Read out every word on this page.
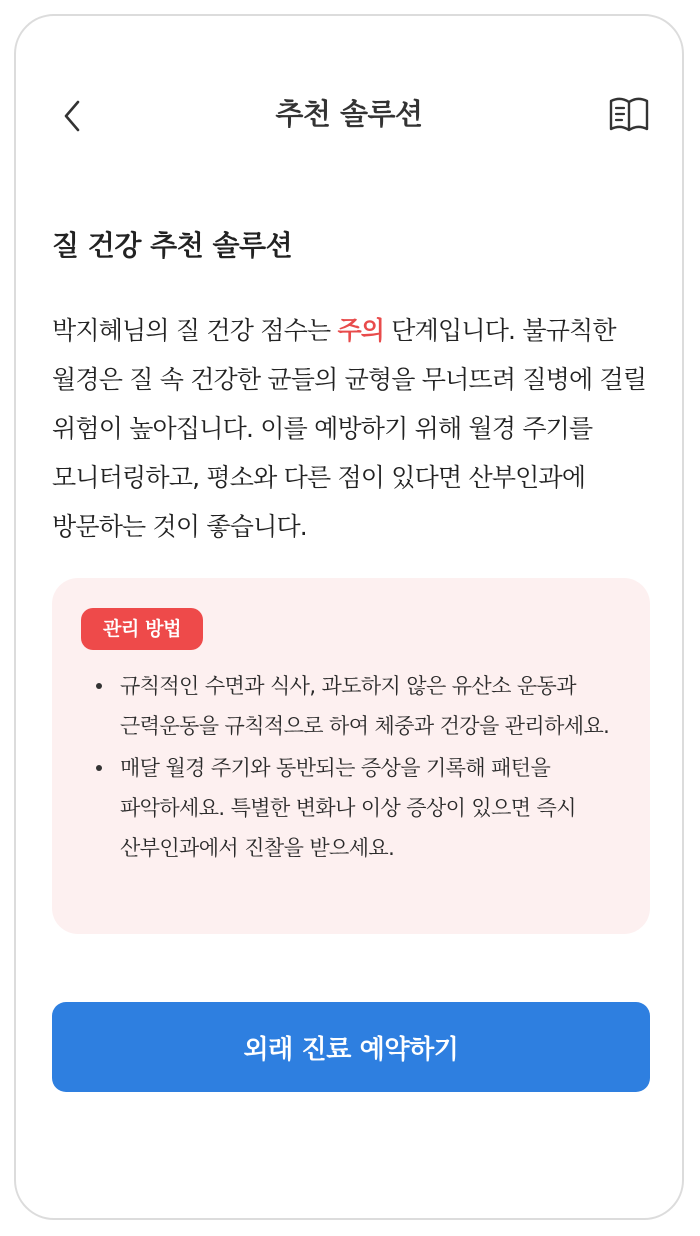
추천 솔루션
질 건강 추천 솔루션

박지혜님의 질 건강 점수는 주의 단계입니다. 불규칙한 월경은 질 속 건강한 균들의 균형을 무너뜨려 질병에 걸릴 위험이 높아집니다. 이를 예방하기 위해 월경 주기를 모니터링하고, 평소와 다른 점이 있다면 산부인과에 방문하는 것이 좋습니다.

관리 방법
규칙적인 수면과 식사, 과도하지 않은 유산소 운동과 근력운동을 규칙적으로 하여 체중과 건강을 관리하세요.
매달 월경 주기와 동반되는 증상을 기록해 패턴을 파악하세요. 특별한 변화나 이상 증상이 있으면 즉시 산부인과에서 진찰을 받으세요.
외래 진료 예약하기
